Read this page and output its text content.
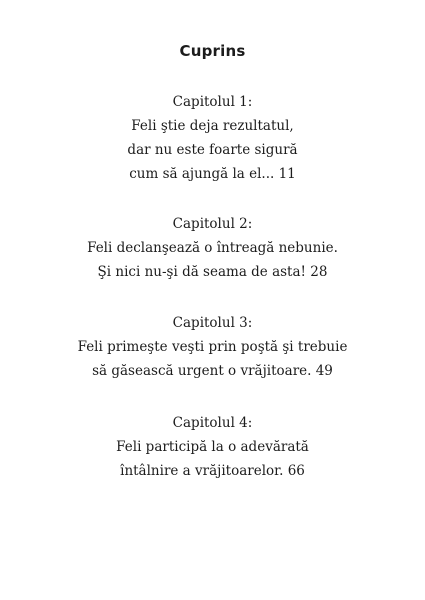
Cuprins
Capitolul 1:
Feli ştie deja rezultatul,
dar nu este foarte sigură
cum să ajungă la el... 11
Capitolul 2:
Feli declanşează o întreagă nebunie.
Şi nici nu-şi dă seama de asta! 28
Capitolul 3:
Feli primeşte veşti prin poştă şi trebuie
să găsească urgent o vrăjitoare. 49
Capitolul 4:
Feli participă la o adevărată
întâlnire a vrăjitoarelor. 66
